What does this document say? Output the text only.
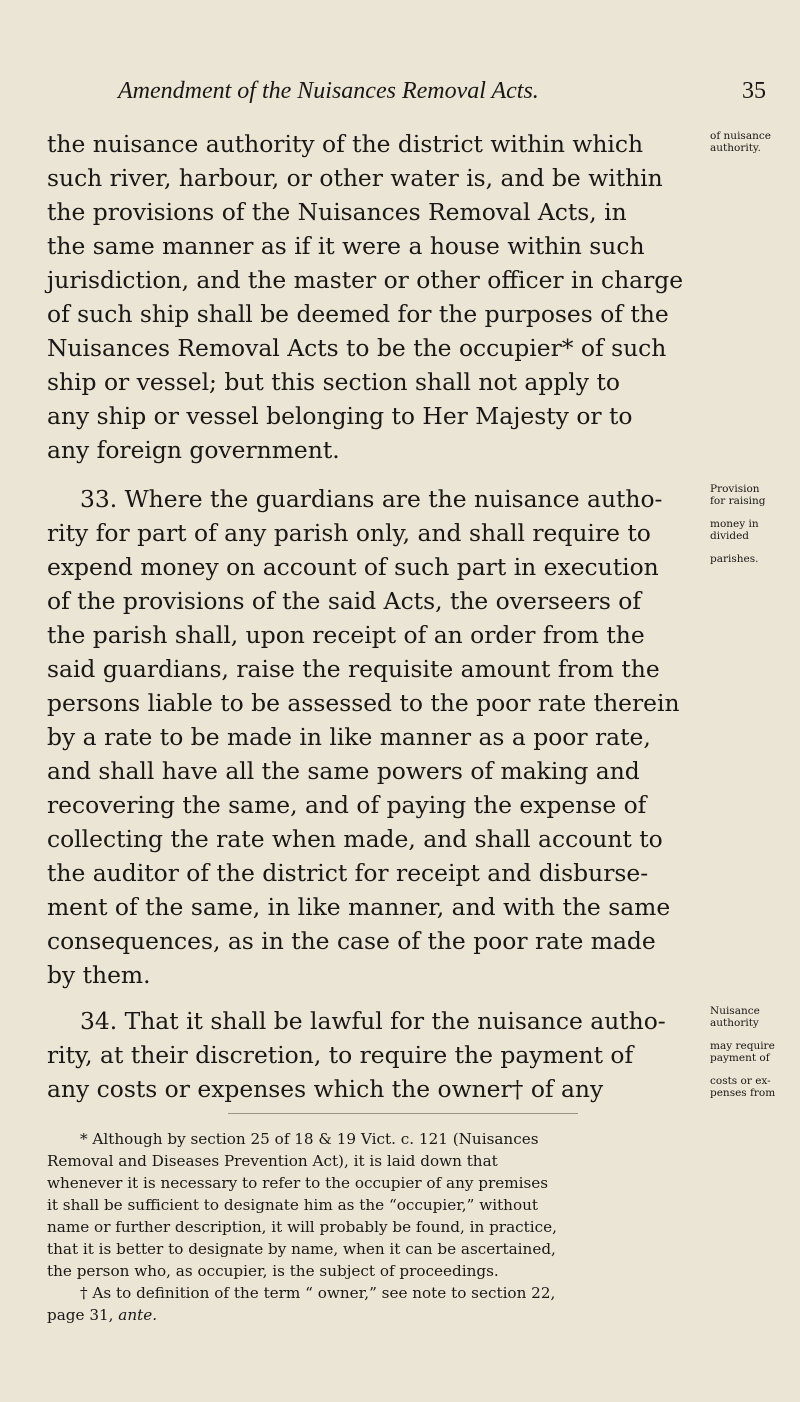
Amendment of the Nuisances Removal Acts.	35
the nuisance authority of the district within which
such river, harbour, or other water is, and be within
the provisions of the Nuisances Removal Acts, in
the same manner as if it were a house within such
jurisdiction, and the master or other officer in charge
of such ship shall be deemed for the purposes of the
Nuisances Removal Acts to be the occupier* of such
ship or vessel; but this section shall not apply to
any ship or vessel belonging to Her Majesty or to
any foreign government.
33. Where the guardians are the nuisance autho-
rity for part of any parish only, and shall require to
expend money on account of such part in execution
of the provisions of the said Acts, the overseers of
the parish shall, upon receipt of an order from the
said guardians, raise the requisite amount from the
persons liable to be assessed to the poor rate therein
by a rate to be made in like manner as a poor rate,
and shall have all the same powers of making and
recovering the same, and of paying the expense of
collecting the rate when made, and shall account to
the auditor of the district for receipt and disburse-
ment of the same, in like manner, and with the same
consequences, as in the case of the poor rate made
by them.
34. That it shall be lawful for the nuisance autho-
rity, at their discretion, to require the payment of
any costs or expenses which the owner† of any
of nuisance
authority.
Provision
for raising
money in
divided
parishes.
Nuisance
authority
may require
payment of
costs or ex-
penses from
* Although by section 25 of 18 & 19 Vict. c. 121 (Nuisances
Removal and Diseases Prevention Act), it is laid down that
whenever it is necessary to refer to the occupier of any premises
it shall be sufficient to designate him as the “occupier,” without
name or further description, it will probably be found, in practice,
that it is better to designate by name, when it can be ascertained,
the person who, as occupier, is the subject of proceedings.
† As to definition of the term “ owner,” see note to section 22,
page 31, ante.
